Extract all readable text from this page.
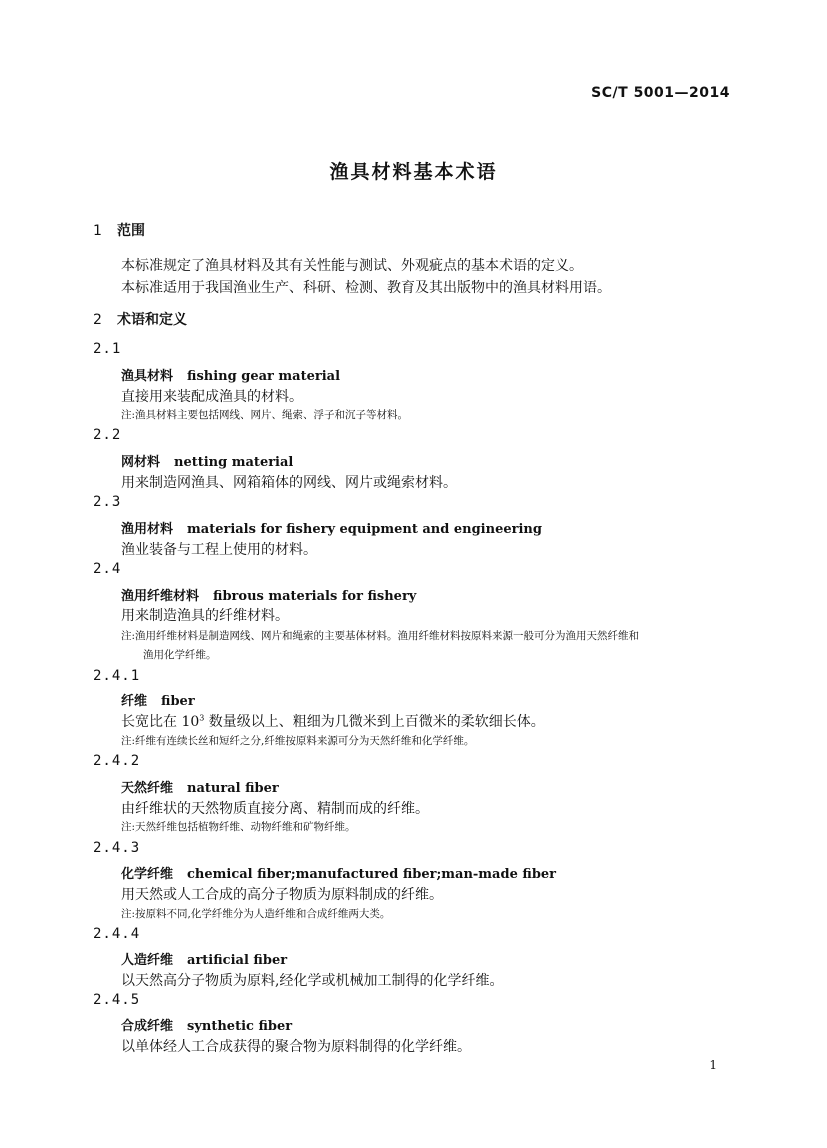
SC/T 5001—2014
渔具材料基本术语
1 范围
本标准规定了渔具材料及其有关性能与测试、外观疵点的基本术语的定义。
本标准适用于我国渔业生产、科研、检测、教育及其出版物中的渔具材料用语。
2 术语和定义
2.1
渔具材料 fishing gear material
直接用来装配成渔具的材料。
注:渔具材料主要包括网线、网片、绳索、浮子和沉子等材料。
2.2
网材料 netting material
用来制造网渔具、网箱箱体的网线、网片或绳索材料。
2.3
渔用材料 materials for fishery equipment and engineering
渔业装备与工程上使用的材料。
2.4
渔用纤维材料 fibrous materials for fishery
用来制造渔具的纤维材料。
注:渔用纤维材料是制造网线、网片和绳索的主要基体材料。渔用纤维材料按原料来源一般可分为渔用天然纤维和
渔用化学纤维。
2.4.1
纤维 fiber
长宽比在 $10^3$ 数量级以上、粗细为几微米到上百微米的柔软细长体。
注:纤维有连续长丝和短纤之分,纤维按原料来源可分为天然纤维和化学纤维。
2.4.2
天然纤维 natural fiber
由纤维状的天然物质直接分离、精制而成的纤维。
注:天然纤维包括植物纤维、动物纤维和矿物纤维。
2.4.3
化学纤维 chemical fiber;manufactured fiber;man-made fiber
用天然或人工合成的高分子物质为原料制成的纤维。
注:按原料不同,化学纤维分为人造纤维和合成纤维两大类。
2.4.4
人造纤维 artificial fiber
以天然高分子物质为原料,经化学或机械加工制得的化学纤维。
2.4.5
合成纤维 synthetic fiber
以单体经人工合成获得的聚合物为原料制得的化学纤维。
1
